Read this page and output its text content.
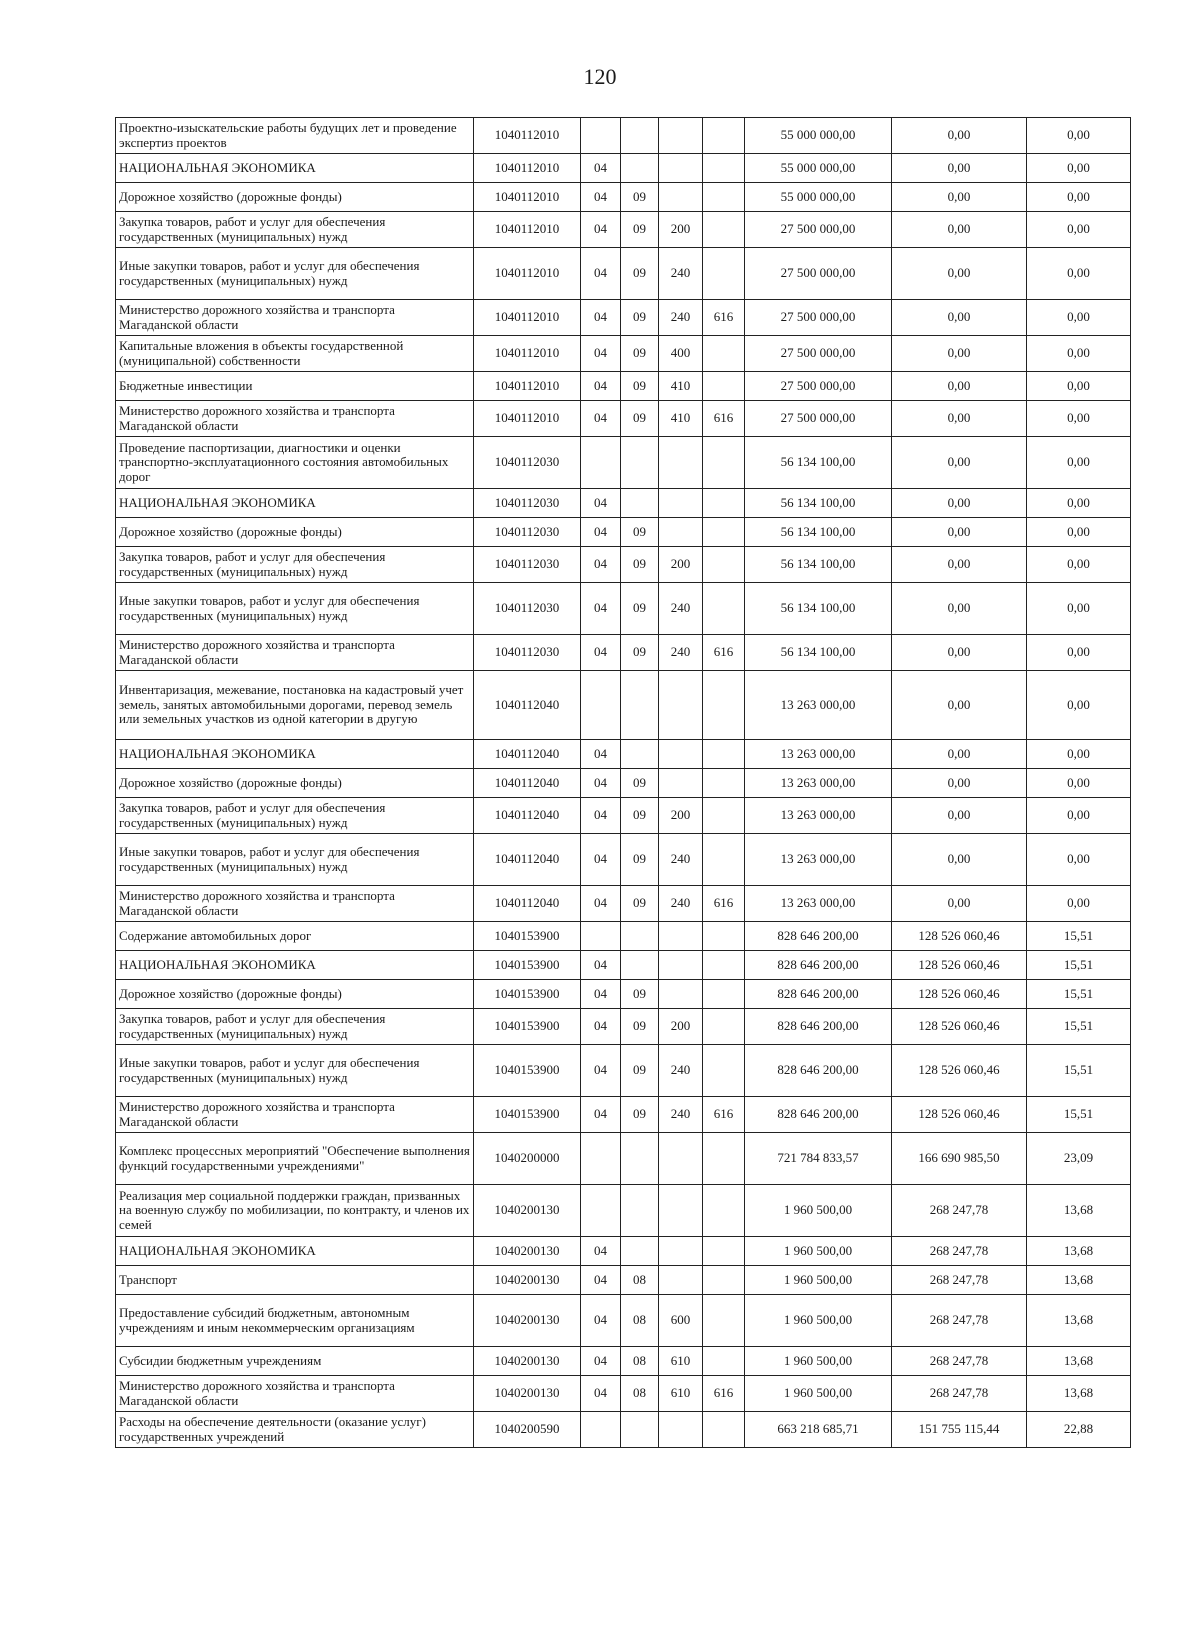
120
Проектно-изыскательские работы будущих лет и проведение экспертиз проектов	1040112010					55 000 000,00	0,00	0,00
НАЦИОНАЛЬНАЯ ЭКОНОМИКА	1040112010	04				55 000 000,00	0,00	0,00
Дорожное хозяйство (дорожные фонды)	1040112010	04	09			55 000 000,00	0,00	0,00
Закупка товаров, работ и услуг для обеспечения государственных (муниципальных) нужд	1040112010	04	09	200		27 500 000,00	0,00	0,00
Иные закупки товаров, работ и услуг для обеспечения государственных (муниципальных) нужд	1040112010	04	09	240		27 500 000,00	0,00	0,00
Министерство дорожного хозяйства и транспорта Магаданской области	1040112010	04	09	240	616	27 500 000,00	0,00	0,00
Капитальные вложения в объекты государственной (муниципальной) собственности	1040112010	04	09	400		27 500 000,00	0,00	0,00
Бюджетные инвестиции	1040112010	04	09	410		27 500 000,00	0,00	0,00
Министерство дорожного хозяйства и транспорта Магаданской области	1040112010	04	09	410	616	27 500 000,00	0,00	0,00
Проведение паспортизации, диагностики и оценки транспортно-эксплуатационного состояния автомобильных дорог	1040112030					56 134 100,00	0,00	0,00
НАЦИОНАЛЬНАЯ ЭКОНОМИКА	1040112030	04				56 134 100,00	0,00	0,00
Дорожное хозяйство (дорожные фонды)	1040112030	04	09			56 134 100,00	0,00	0,00
Закупка товаров, работ и услуг для обеспечения государственных (муниципальных) нужд	1040112030	04	09	200		56 134 100,00	0,00	0,00
Иные закупки товаров, работ и услуг для обеспечения государственных (муниципальных) нужд	1040112030	04	09	240		56 134 100,00	0,00	0,00
Министерство дорожного хозяйства и транспорта Магаданской области	1040112030	04	09	240	616	56 134 100,00	0,00	0,00
Инвентаризация, межевание, постановка на кадастровый учет земель, занятых автомобильными дорогами, перевод земель или земельных участков из одной категории в другую	1040112040					13 263 000,00	0,00	0,00
НАЦИОНАЛЬНАЯ ЭКОНОМИКА	1040112040	04				13 263 000,00	0,00	0,00
Дорожное хозяйство (дорожные фонды)	1040112040	04	09			13 263 000,00	0,00	0,00
Закупка товаров, работ и услуг для обеспечения государственных (муниципальных) нужд	1040112040	04	09	200		13 263 000,00	0,00	0,00
Иные закупки товаров, работ и услуг для обеспечения государственных (муниципальных) нужд	1040112040	04	09	240		13 263 000,00	0,00	0,00
Министерство дорожного хозяйства и транспорта Магаданской области	1040112040	04	09	240	616	13 263 000,00	0,00	0,00
Содержание автомобильных дорог	1040153900					828 646 200,00	128 526 060,46	15,51
НАЦИОНАЛЬНАЯ ЭКОНОМИКА	1040153900	04				828 646 200,00	128 526 060,46	15,51
Дорожное хозяйство (дорожные фонды)	1040153900	04	09			828 646 200,00	128 526 060,46	15,51
Закупка товаров, работ и услуг для обеспечения государственных (муниципальных) нужд	1040153900	04	09	200		828 646 200,00	128 526 060,46	15,51
Иные закупки товаров, работ и услуг для обеспечения государственных (муниципальных) нужд	1040153900	04	09	240		828 646 200,00	128 526 060,46	15,51
Министерство дорожного хозяйства и транспорта Магаданской области	1040153900	04	09	240	616	828 646 200,00	128 526 060,46	15,51
Комплекс процессных мероприятий "Обеспечение выполнения функций государственными учреждениями"	1040200000					721 784 833,57	166 690 985,50	23,09
Реализация мер социальной поддержки граждан, призванных на военную службу по мобилизации, по контракту, и членов их семей	1040200130					1 960 500,00	268 247,78	13,68
НАЦИОНАЛЬНАЯ ЭКОНОМИКА	1040200130	04				1 960 500,00	268 247,78	13,68
Транспорт	1040200130	04	08			1 960 500,00	268 247,78	13,68
Предоставление субсидий бюджетным, автономным учреждениям и иным некоммерческим организациям	1040200130	04	08	600		1 960 500,00	268 247,78	13,68
Субсидии бюджетным учреждениям	1040200130	04	08	610		1 960 500,00	268 247,78	13,68
Министерство дорожного хозяйства и транспорта Магаданской области	1040200130	04	08	610	616	1 960 500,00	268 247,78	13,68
Расходы на обеспечение деятельности (оказание услуг) государственных учреждений	1040200590					663 218 685,71	151 755 115,44	22,88
